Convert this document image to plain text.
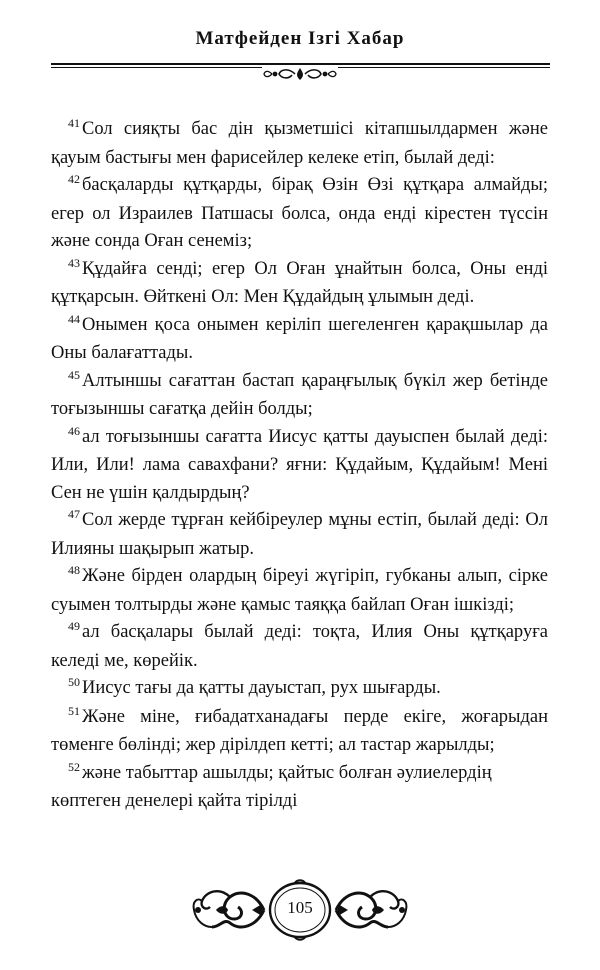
Матфейден Ізгі Хабар

$^{41}$ Сол сияқты бас дін қызметшісі кітапшылдармен және қауым бастығы мен фарисейлер келеке етіп, былай деді:

$^{42}$ басқаларды құтқарды, бірақ Өзін Өзі құтқара алмайды; егер ол Израилев Патшасы болса, онда енді кірестен түссін және сонда Оған сенеміз;

$^{43}$ Құдайға сенді; егер Ол Оған ұнайтын болса, Оны енді құтқарсын. Өйткені Ол: Мен Құдайдың ұлымын деді.

$^{44}$ Онымен қоса онымен керіліп шегеленген қарақшылар да Оны балағаттады.

$^{45}$ Алтыншы сағаттан бастап қараңғылық бүкіл жер бетінде тоғызыншы сағатқа дейін болды;

$^{46}$ ал тоғызыншы сағатта Иисус қатты дауыспен былай деді: Или, Или! лама савахфани? яғни: Құдайым, Құдайым! Мені Сен не үшін қалдырдың?

$^{47}$ Сол жерде тұрған кейбіреулер мұны естіп, былай деді: Ол Илияны шақырып жатыр.

$^{48}$ Және бірден олардың біреуі жүгіріп, губканы алып, сірке суымен толтырды және қамыс таяққа байлап Оған ішкізді;

$^{49}$ ал басқалары былай деді: тоқта, Илия Оны құтқаруға келеді ме, көрейік.

$^{50}$ Иисус тағы да қатты дауыстап, рух шығарды.

$^{51}$ Және міне, ғибадатханадағы перде екіге, жоғарыдан төменге бөлінді; жер дірілдеп кетті; ал тастар жарылды;

$^{52}$ және табыттар ашылды; қайтыс болған әулиелердің көптеген денелері қайта тірілді

105
